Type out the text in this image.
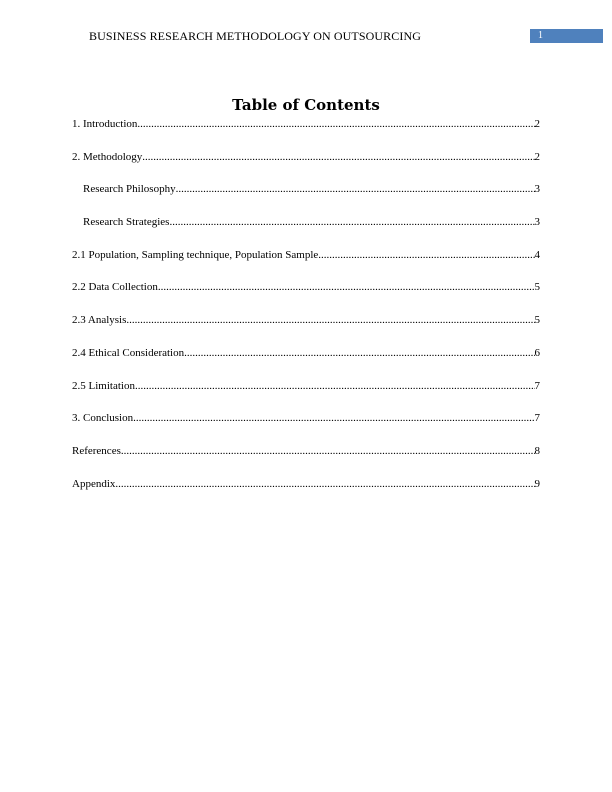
BUSINESS RESEARCH METHODOLOGY ON OUTSOURCING	1
Table of Contents
1. Introduction .....	2
2. Methodology .....	2
Research Philosophy .....	3
Research Strategies .....	3
2.1 Population, Sampling technique, Population Sample .....	4
2.2 Data Collection .....	5
2.3 Analysis .....	5
2.4 Ethical Consideration .....	6
2.5 Limitation .....	7
3. Conclusion .....	7
References .....	8
Appendix .....	9
